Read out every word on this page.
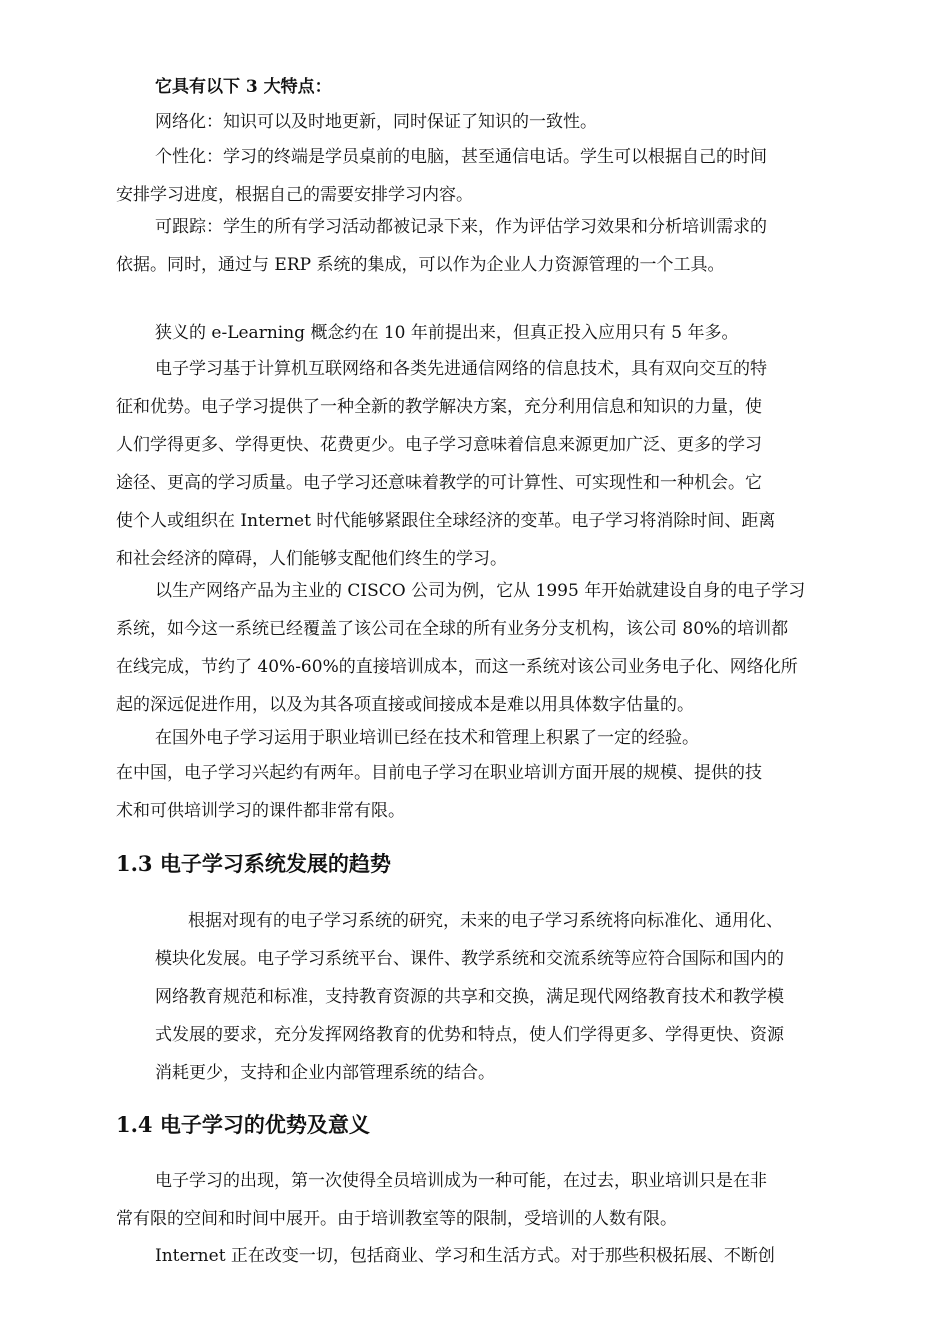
它具有以下 3 大特点：

网络化：知识可以及时地更新，同时保证了知识的一致性。

个性化：学习的终端是学员桌前的电脑，甚至通信电话。学生可以根据自己的时间
安排学习进度，根据自己的需要安排学习内容。
可跟踪：学生的所有学习活动都被记录下来，作为评估学习效果和分析培训需求的
依据。同时，通过与 ERP 系统的集成，可以作为企业人力资源管理的一个工具。

狭义的 e-Learning 概念约在 10 年前提出来，但真正投入应用只有 5 年多。

电子学习基于计算机互联网络和各类先进通信网络的信息技术，具有双向交互的特
征和优势。电子学习提供了一种全新的教学解决方案，充分利用信息和知识的力量，使
人们学得更多、学得更快、花费更少。电子学习意味着信息来源更加广泛、更多的学习
途径、更高的学习质量。电子学习还意味着教学的可计算性、可实现性和一种机会。它
使个人或组织在 Internet 时代能够紧跟住全球经济的变革。电子学习将消除时间、距离
和社会经济的障碍，人们能够支配他们终生的学习。
以生产网络产品为主业的 CISCO 公司为例，它从 1995 年开始就建设自身的电子学习
系统，如今这一系统已经覆盖了该公司在全球的所有业务分支机构，该公司 80%的培训都
在线完成，节约了 40%-60%的直接培训成本，而这一系统对该公司业务电子化、网络化所
起的深远促进作用，以及为其各项直接或间接成本是难以用具体数字估量的。

在国外电子学习运用于职业培训已经在技术和管理上积累了一定的经验。

在中国，电子学习兴起约有两年。目前电子学习在职业培训方面开展的规模、提供的技
术和可供培训学习的课件都非常有限。
1.3 电子学习系统发展的趋势
根据对现有的电子学习系统的研究，未来的电子学习系统将向标准化、通用化、
模块化发展。电子学习系统平台、课件、教学系统和交流系统等应符合国际和国内的
网络教育规范和标准，支持教育资源的共享和交换，满足现代网络教育技术和教学模
式发展的要求，充分发挥网络教育的优势和特点，使人们学得更多、学得更快、资源
消耗更少，支持和企业内部管理系统的结合。
1.4 电子学习的优势及意义
电子学习的出现，第一次使得全员培训成为一种可能，在过去，职业培训只是在非
常有限的空间和时间中展开。由于培训教室等的限制，受培训的人数有限。
Internet 正在改变一切，包括商业、学习和生活方式。对于那些积极拓展、不断创
